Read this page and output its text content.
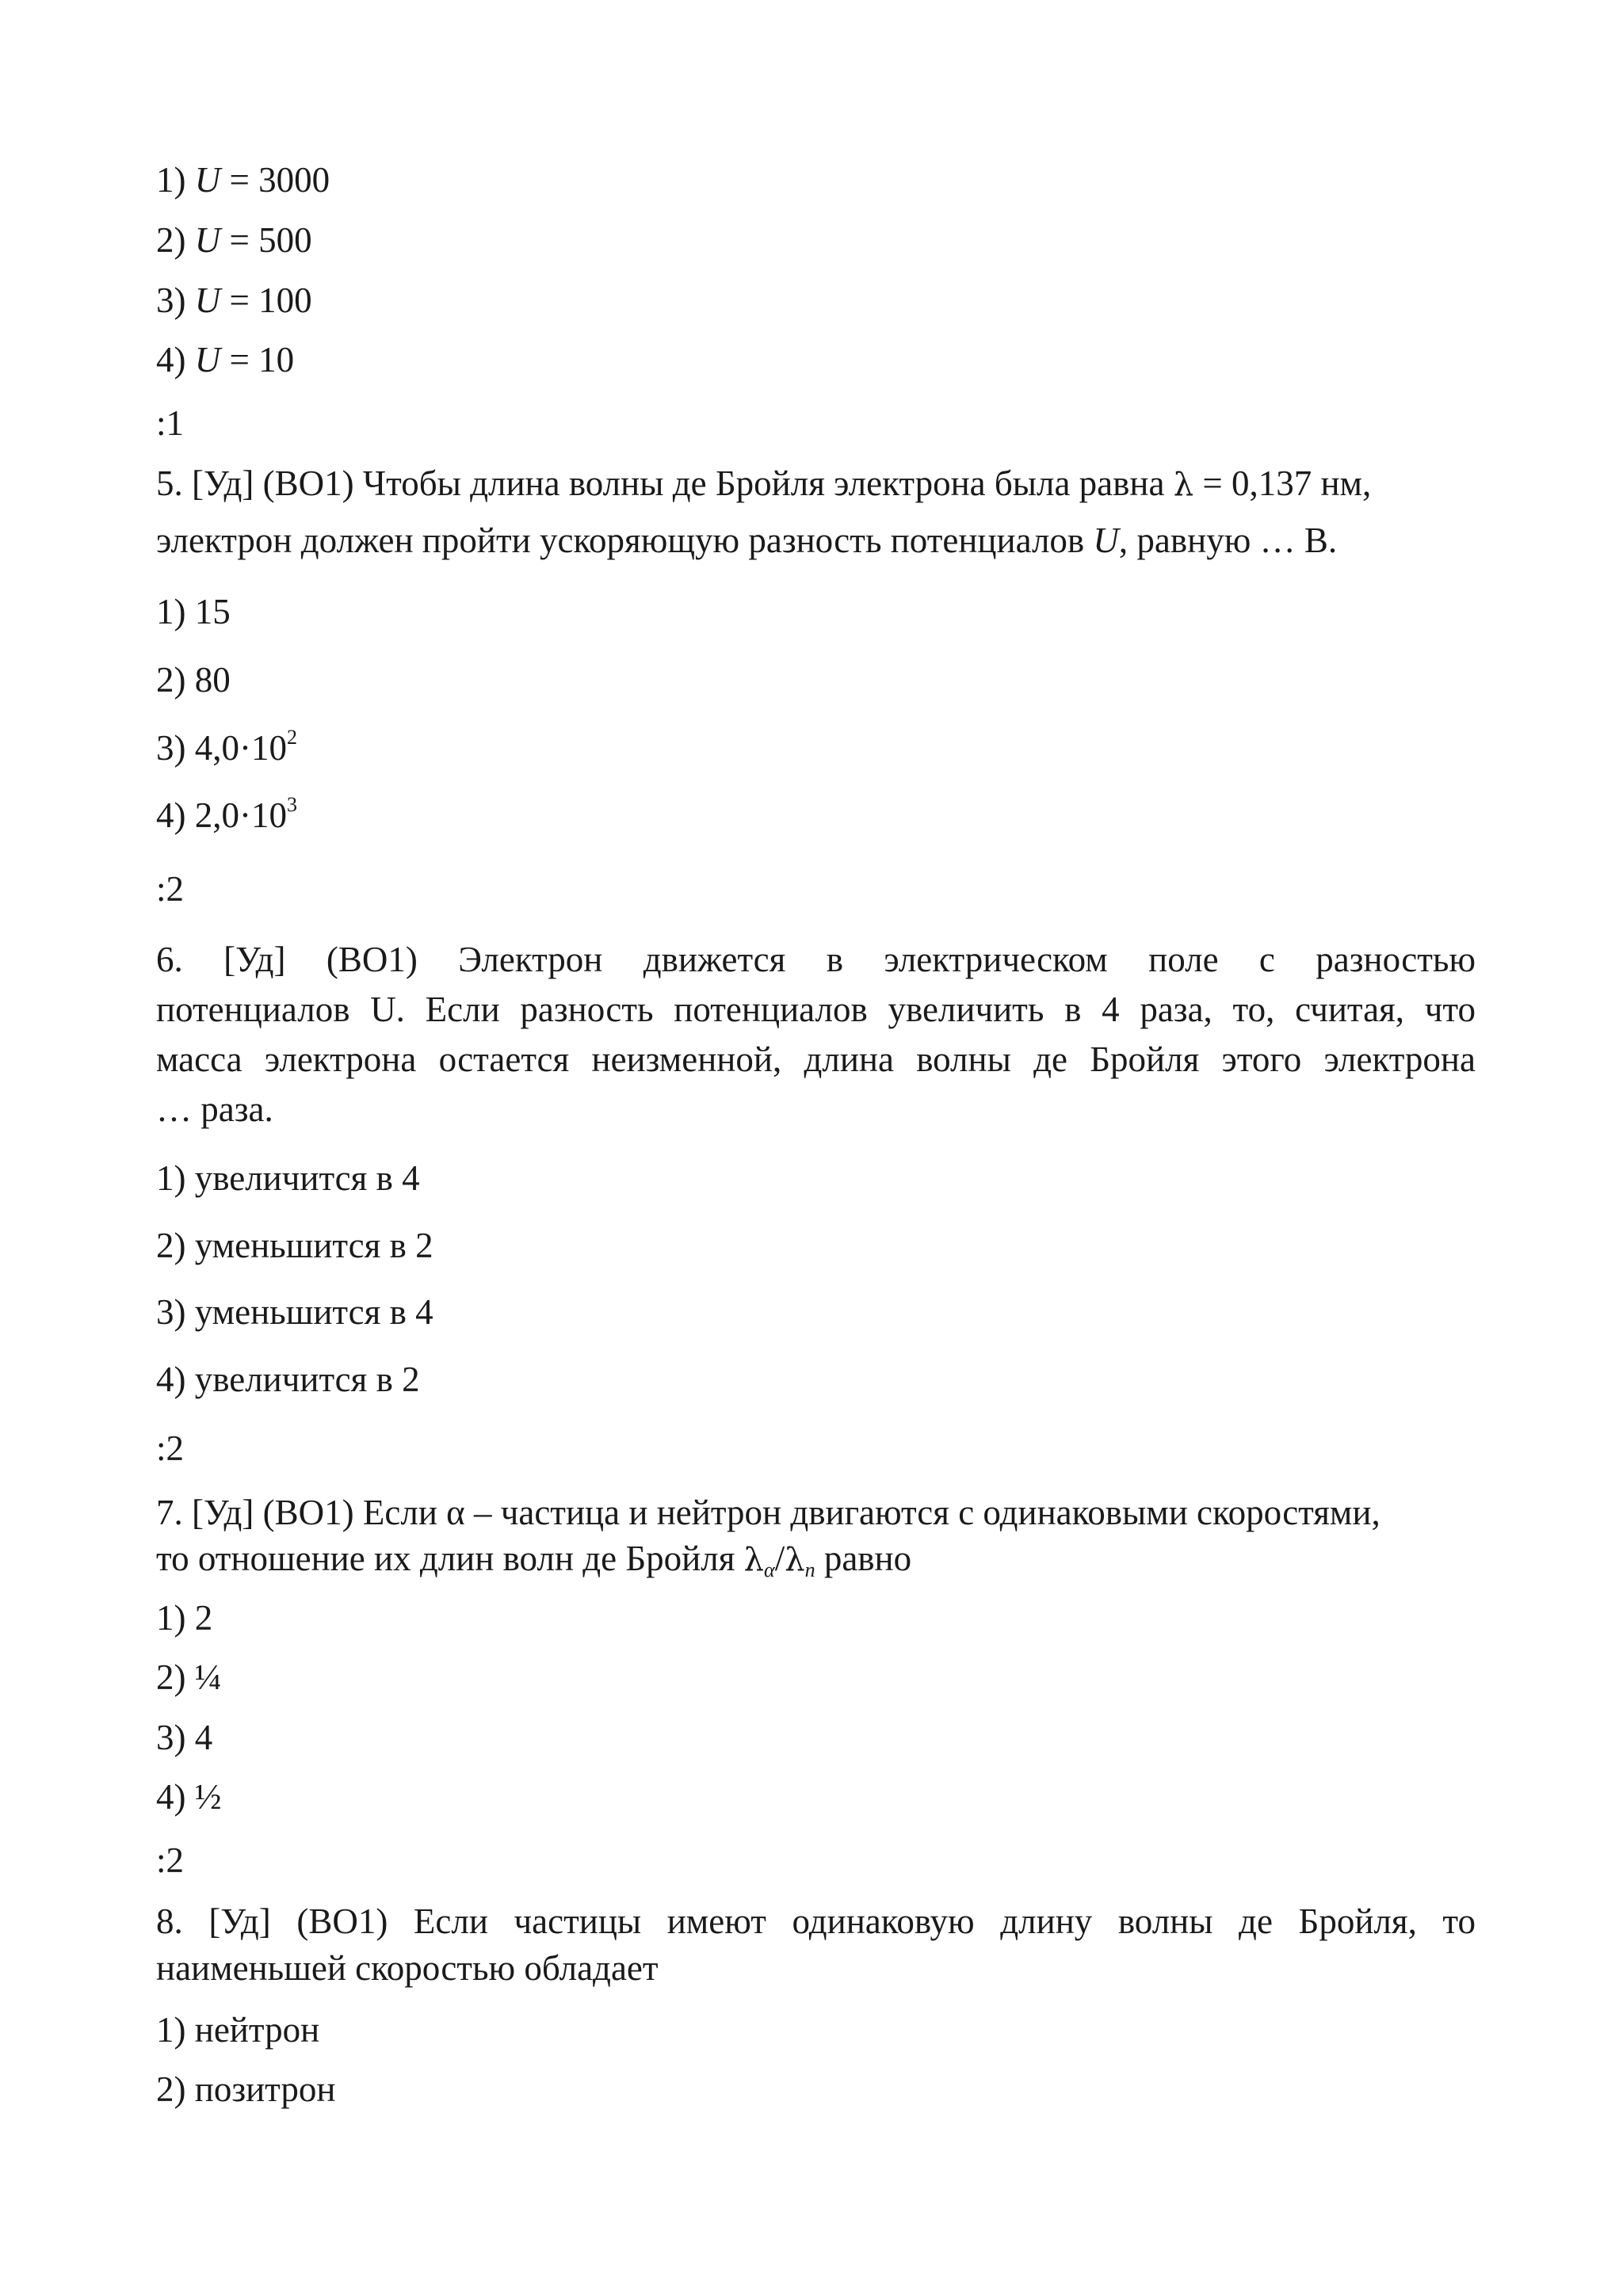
1) U = 3000
2) U = 500
3) U = 100
4) U = 10
:1
5. [Уд] (ВО1) Чтобы длина волны де Бройля электрона была равна λ = 0,137 нм,
электрон должен пройти ускоряющую разность потенциалов U, равную … В.
1) 15
2) 80
3) $4,0\cdot 10^2$
4) $2,0\cdot 10^3$
:2
6. [Уд] (ВО1) Электрон движется в электрическом поле с разностью
потенциалов U. Если разность потенциалов увеличить в 4 раза, то, считая, что
масса электрона остается неизменной, длина волны де Бройля этого электрона
… раза.
1) увеличится в 4
2) уменьшится в 2
3) уменьшится в 4
4) увеличится в 2
:2
7. [Уд] (ВО1) Если α – частица и нейтрон двигаются с одинаковыми скоростями,
то отношение их длин волн де Бройля $\lambda_\alpha/\lambda_n$ равно
1) 2
2) ¼
3) 4
4) ½
:2
8. [Уд] (ВО1) Если частицы имеют одинаковую длину волны де Бройля, то
наименьшей скоростью обладает
1) нейтрон
2) позитрон
